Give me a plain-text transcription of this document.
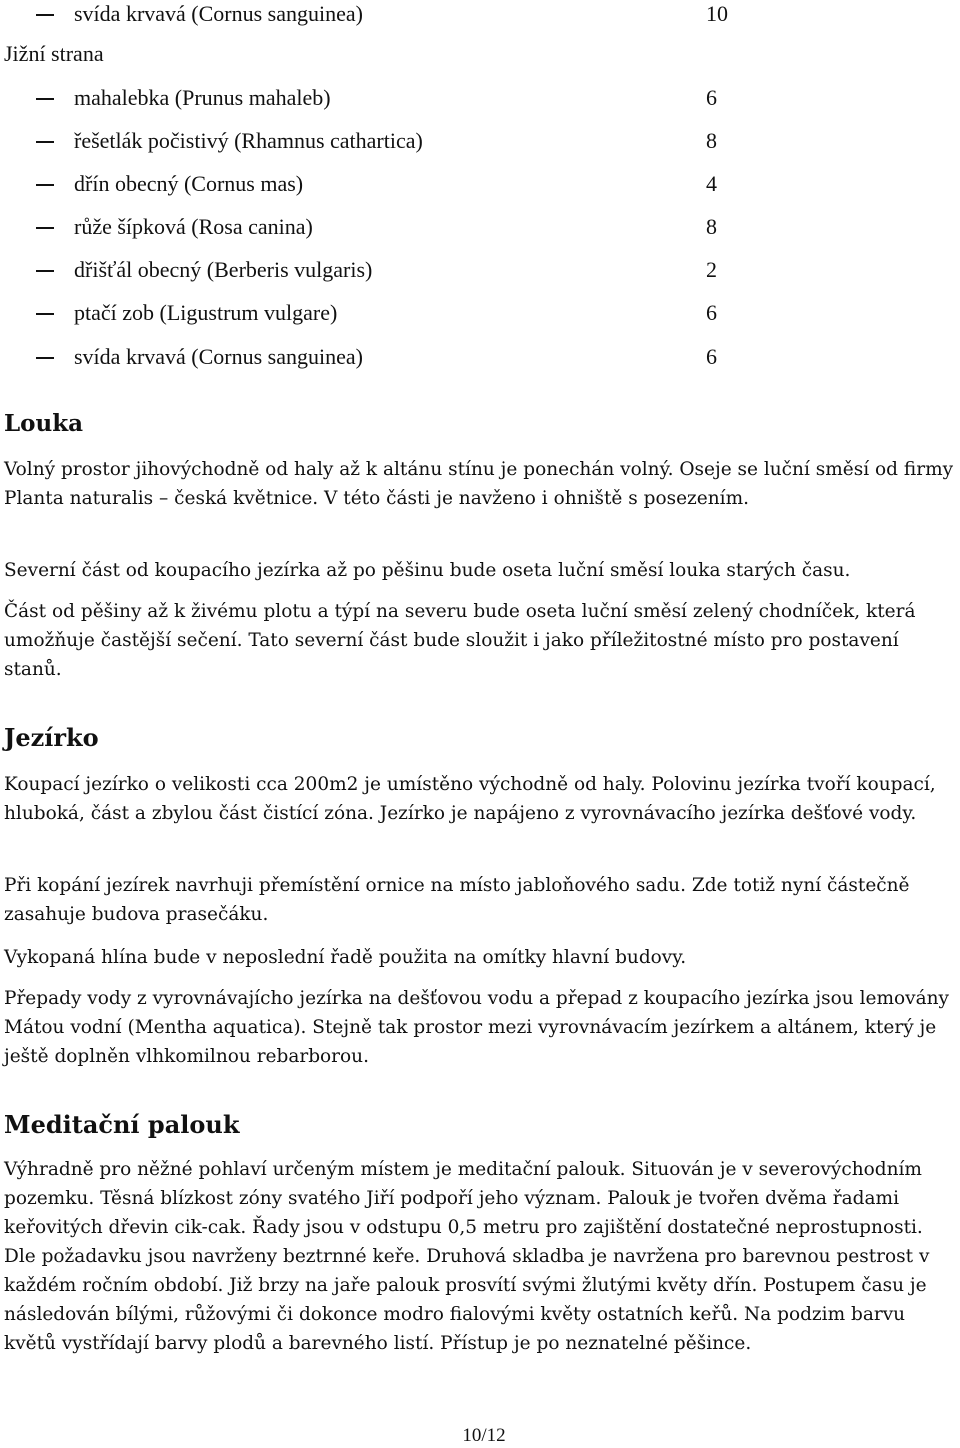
svída krvavá (Cornus sanguinea)	10
Jižní strana
mahalebka (Prunus mahaleb)	6
řešetlák počistivý (Rhamnus cathartica)	8
dřín obecný (Cornus mas)	4
růže šípková (Rosa canina)	8
dřišťál obecný (Berberis vulgaris)	2
ptačí zob (Ligustrum vulgare)	6
svída krvavá (Cornus sanguinea)	6
Louka

Volný prostor jihovýchodně od haly až k altánu stínu je ponechán volný. Oseje se luční směsí od firmy Planta naturalis – česká květnice. V této části je navženo i ohniště s posezením.

Severní část od koupacího jezírka až po pěšinu bude oseta luční směsí louka starých času.

Část od pěšiny až k živému plotu a týpí na severu bude oseta luční směsí zelený chodníček, která umožňuje častější sečení. Tato severní část bude sloužit i jako příležitostné místo pro postavení stanů.

Jezírko

Koupací jezírko o velikosti cca 200m2 je umístěno východně od haly. Polovinu jezírka tvoří koupací, hluboká, část a zbylou část čistící zóna. Jezírko je napájeno z vyrovnávacího jezírka dešťové vody.

Při kopání jezírek navrhuji přemístění ornice na místo jabloňového sadu. Zde totiž nyní částečně zasahuje budova prasečáku.

Vykopaná hlína bude v neposlední řadě použita na omítky hlavní budovy.

Přepady vody z vyrovnávajícho jezírka na dešťovou vodu a přepad z koupacího jezírka jsou lemovány Mátou vodní (Mentha aquatica). Stejně tak prostor mezi vyrovnávacím jezírkem a altánem, který je ještě doplněn vlhkomilnou rebarborou.

Meditační palouk

Výhradně pro něžné pohlaví určeným místem je meditační palouk. Situován je v severovýchodním pozemku. Těsná blízkost zóny svatého Jiří podpoří jeho význam. Palouk je tvořen dvěma řadami keřovitých dřevin cik-cak. Řady jsou v odstupu 0,5 metru pro zajištění dostatečné neprostupnosti. Dle požadavku jsou navrženy beztrnné keře. Druhová skladba je navržena pro barevnou pestrost v každém ročním období. Již brzy na jaře palouk prosvítí svými žlutými květy dřín. Postupem času je následován bílými, růžovými či dokonce modro fialovými květy ostatních keřů. Na podzim barvu květů vystřídají barvy plodů a barevného listí. Přístup je po neznatelné pěšince.

10/12
